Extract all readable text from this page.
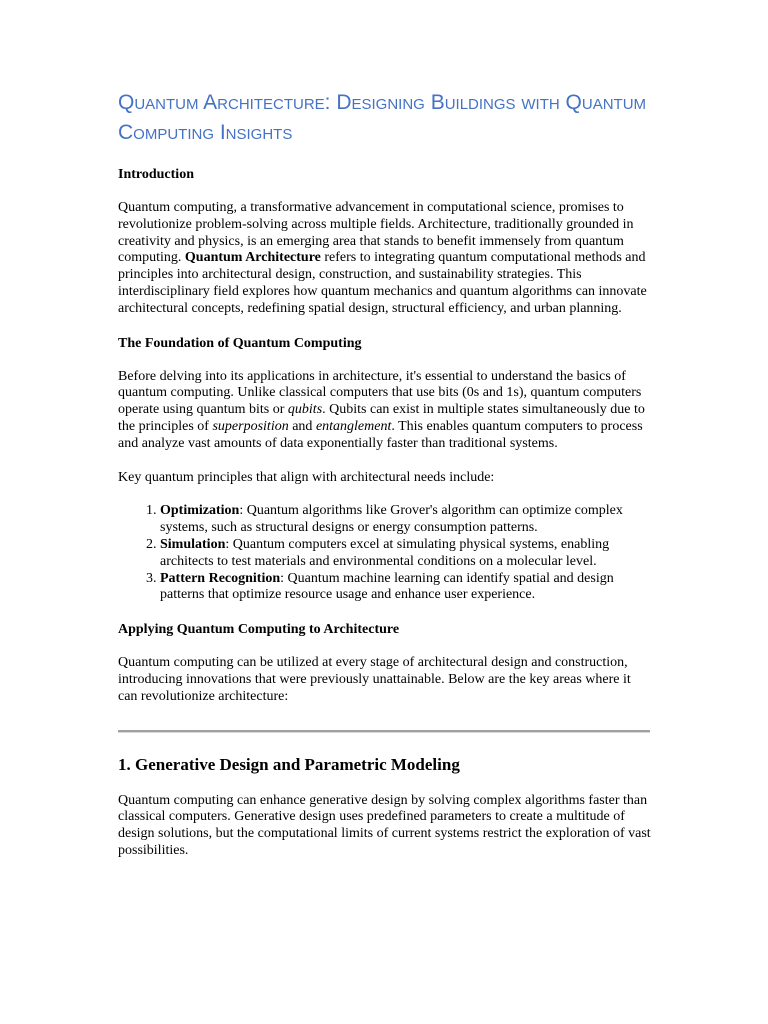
Quantum Architecture: Designing Buildings with Quantum Computing Insights
Introduction

Quantum computing, a transformative advancement in computational science, promises to revolutionize problem-solving across multiple fields. Architecture, traditionally grounded in creativity and physics, is an emerging area that stands to benefit immensely from quantum computing. Quantum Architecture refers to integrating quantum computational methods and principles into architectural design, construction, and sustainability strategies. This interdisciplinary field explores how quantum mechanics and quantum algorithms can innovate architectural concepts, redefining spatial design, structural efficiency, and urban planning.

The Foundation of Quantum Computing

Before delving into its applications in architecture, it's essential to understand the basics of quantum computing. Unlike classical computers that use bits (0s and 1s), quantum computers operate using quantum bits or qubits. Qubits can exist in multiple states simultaneously due to the principles of superposition and entanglement. This enables quantum computers to process and analyze vast amounts of data exponentially faster than traditional systems.

Key quantum principles that align with architectural needs include:

1. Optimization: Quantum algorithms like Grover's algorithm can optimize complex systems, such as structural designs or energy consumption patterns.
2. Simulation: Quantum computers excel at simulating physical systems, enabling architects to test materials and environmental conditions on a molecular level.
3. Pattern Recognition: Quantum machine learning can identify spatial and design patterns that optimize resource usage and enhance user experience.
Applying Quantum Computing to Architecture

Quantum computing can be utilized at every stage of architectural design and construction, introducing innovations that were previously unattainable. Below are the key areas where it can revolutionize architecture:

1. Generative Design and Parametric Modeling

Quantum computing can enhance generative design by solving complex algorithms faster than classical computers. Generative design uses predefined parameters to create a multitude of design solutions, but the computational limits of current systems restrict the exploration of vast possibilities.
